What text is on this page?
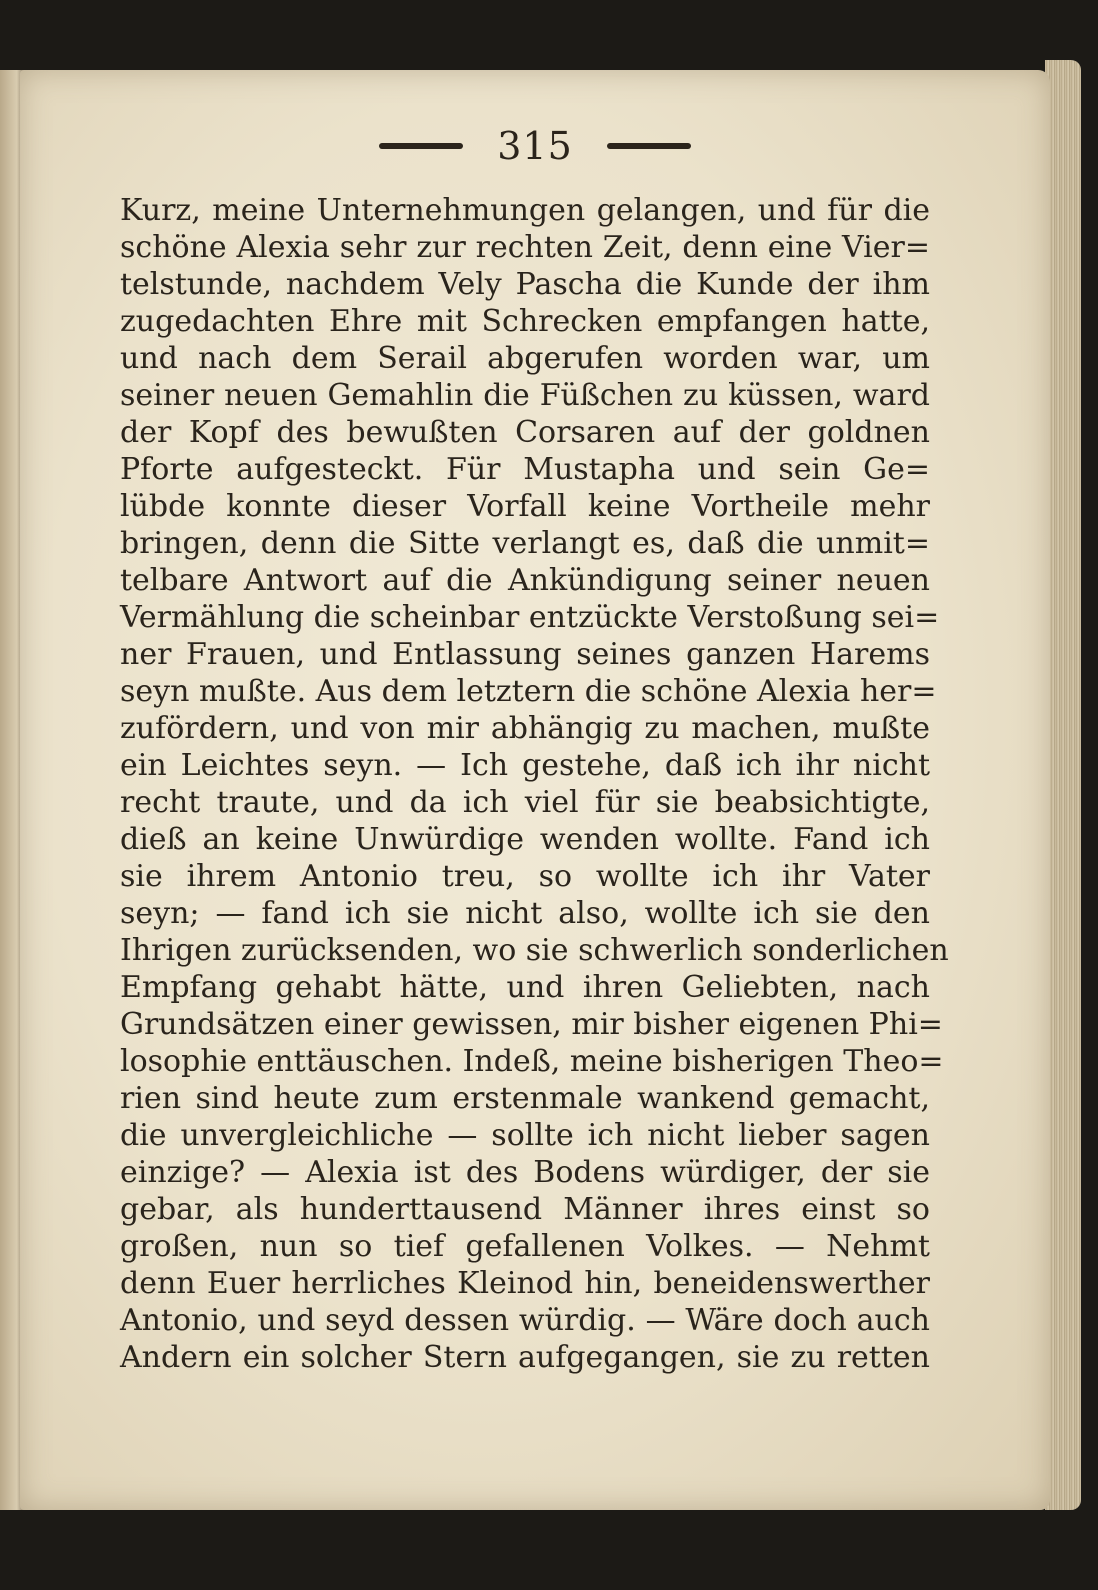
315
Kurz, meine Unternehmungen gelangen, und für die
schöne Alexia sehr zur rechten Zeit, denn eine Vier=
telstunde, nachdem Vely Pascha die Kunde der ihm
zugedachten Ehre mit Schrecken empfangen hatte,
und nach dem Serail abgerufen worden war, um
seiner neuen Gemahlin die Füßchen zu küssen, ward
der Kopf des bewußten Corsaren auf der goldnen
Pforte aufgesteckt. Für Mustapha und sein Ge=
lübde konnte dieser Vorfall keine Vortheile mehr
bringen, denn die Sitte verlangt es, daß die unmit=
telbare Antwort auf die Ankündigung seiner neuen
Vermählung die scheinbar entzückte Verstoßung sei=
ner Frauen, und Entlassung seines ganzen Harems
seyn mußte. Aus dem letztern die schöne Alexia her=
zufördern, und von mir abhängig zu machen, mußte
ein Leichtes seyn. — Ich gestehe, daß ich ihr nicht
recht traute, und da ich viel für sie beabsichtigte,
dieß an keine Unwürdige wenden wollte. Fand ich
sie ihrem Antonio treu, so wollte ich ihr Vater
seyn; — fand ich sie nicht also, wollte ich sie den
Ihrigen zurücksenden, wo sie schwerlich sonderlichen
Empfang gehabt hätte, und ihren Geliebten, nach
Grundsätzen einer gewissen, mir bisher eigenen Phi=
losophie enttäuschen. Indeß, meine bisherigen Theo=
rien sind heute zum erstenmale wankend gemacht,
die unvergleichliche — sollte ich nicht lieber sagen
einzige? — Alexia ist des Bodens würdiger, der sie
gebar, als hunderttausend Männer ihres einst so
großen, nun so tief gefallenen Volkes. — Nehmt
denn Euer herrliches Kleinod hin, beneidenswerther
Antonio, und seyd dessen würdig. — Wäre doch auch
Andern ein solcher Stern aufgegangen, sie zu retten
